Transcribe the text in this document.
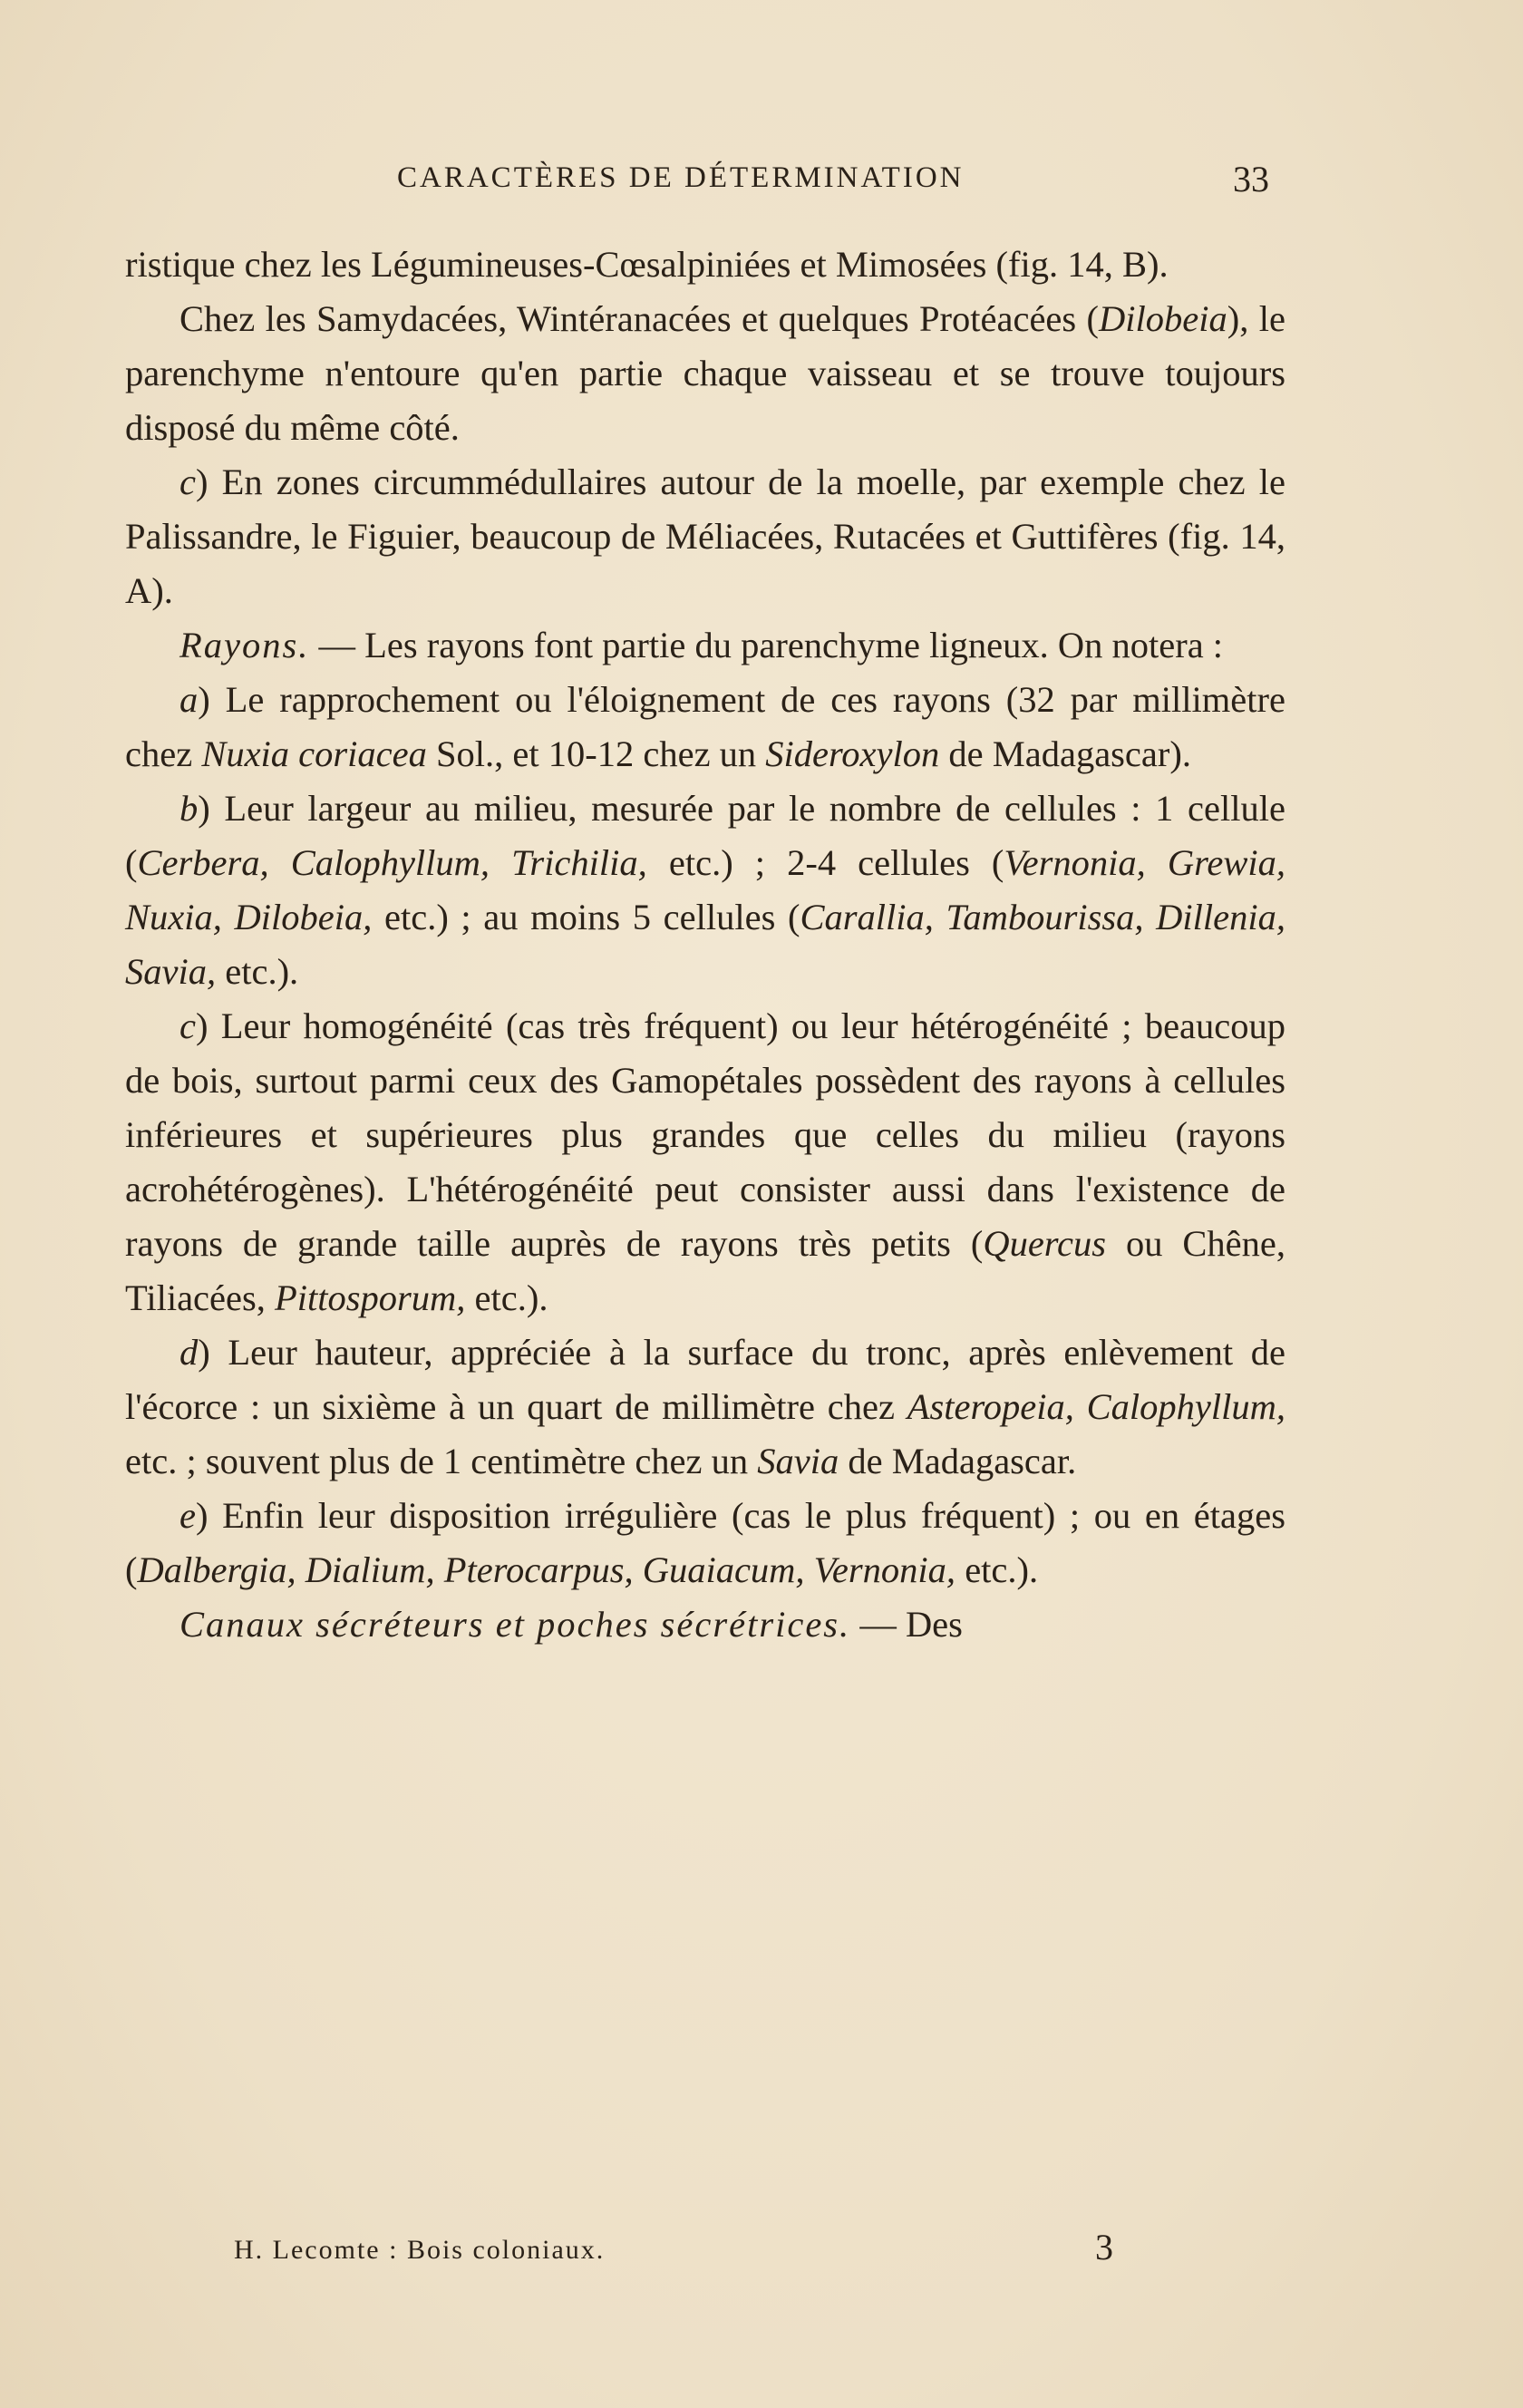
CARACTÈRES DE DÉTERMINATION	33

ristique chez les Légumineuses-Cœsalpiniées et Mimosées (fig. 14, B).

Chez les Samydacées, Wintéranacées et quelques Protéacées (Dilobeia), le parenchyme n'entoure qu'en partie chaque vaisseau et se trouve toujours disposé du même côté.

c) En zones circummédullaires autour de la moelle, par exemple chez le Palissandre, le Figuier, beaucoup de Méliacées, Rutacées et Guttifères (fig. 14, A).

Rayons. — Les rayons font partie du parenchyme ligneux. On notera :

a) Le rapprochement ou l'éloignement de ces rayons (32 par millimètre chez Nuxia coriacea Sol., et 10-12 chez un Sideroxylon de Madagascar).

b) Leur largeur au milieu, mesurée par le nombre de cellules : 1 cellule (Cerbera, Calophyllum, Trichilia, etc.) ; 2-4 cellules (Vernonia, Grewia, Nuxia, Dilobeia, etc.) ; au moins 5 cellules (Carallia, Tambourissa, Dillenia, Savia, etc.).

c) Leur homogénéité (cas très fréquent) ou leur hétérogénéité ; beaucoup de bois, surtout parmi ceux des Gamopétales possèdent des rayons à cellules inférieures et supérieures plus grandes que celles du milieu (rayons acrohétérogènes). L'hétérogénéité peut consister aussi dans l'existence de rayons de grande taille auprès de rayons très petits (Quercus ou Chêne, Tiliacées, Pittosporum, etc.).

d) Leur hauteur, appréciée à la surface du tronc, après enlèvement de l'écorce : un sixième à un quart de millimètre chez Asteropeia, Calophyllum, etc. ; souvent plus de 1 centimètre chez un Savia de Madagascar.

e) Enfin leur disposition irrégulière (cas le plus fréquent) ; ou en étages (Dalbergia, Dialium, Pterocarpus, Guaiacum, Vernonia, etc.).

Canaux sécréteurs et poches sécrétrices. — Des

H. Lecomte : Bois coloniaux.	3
